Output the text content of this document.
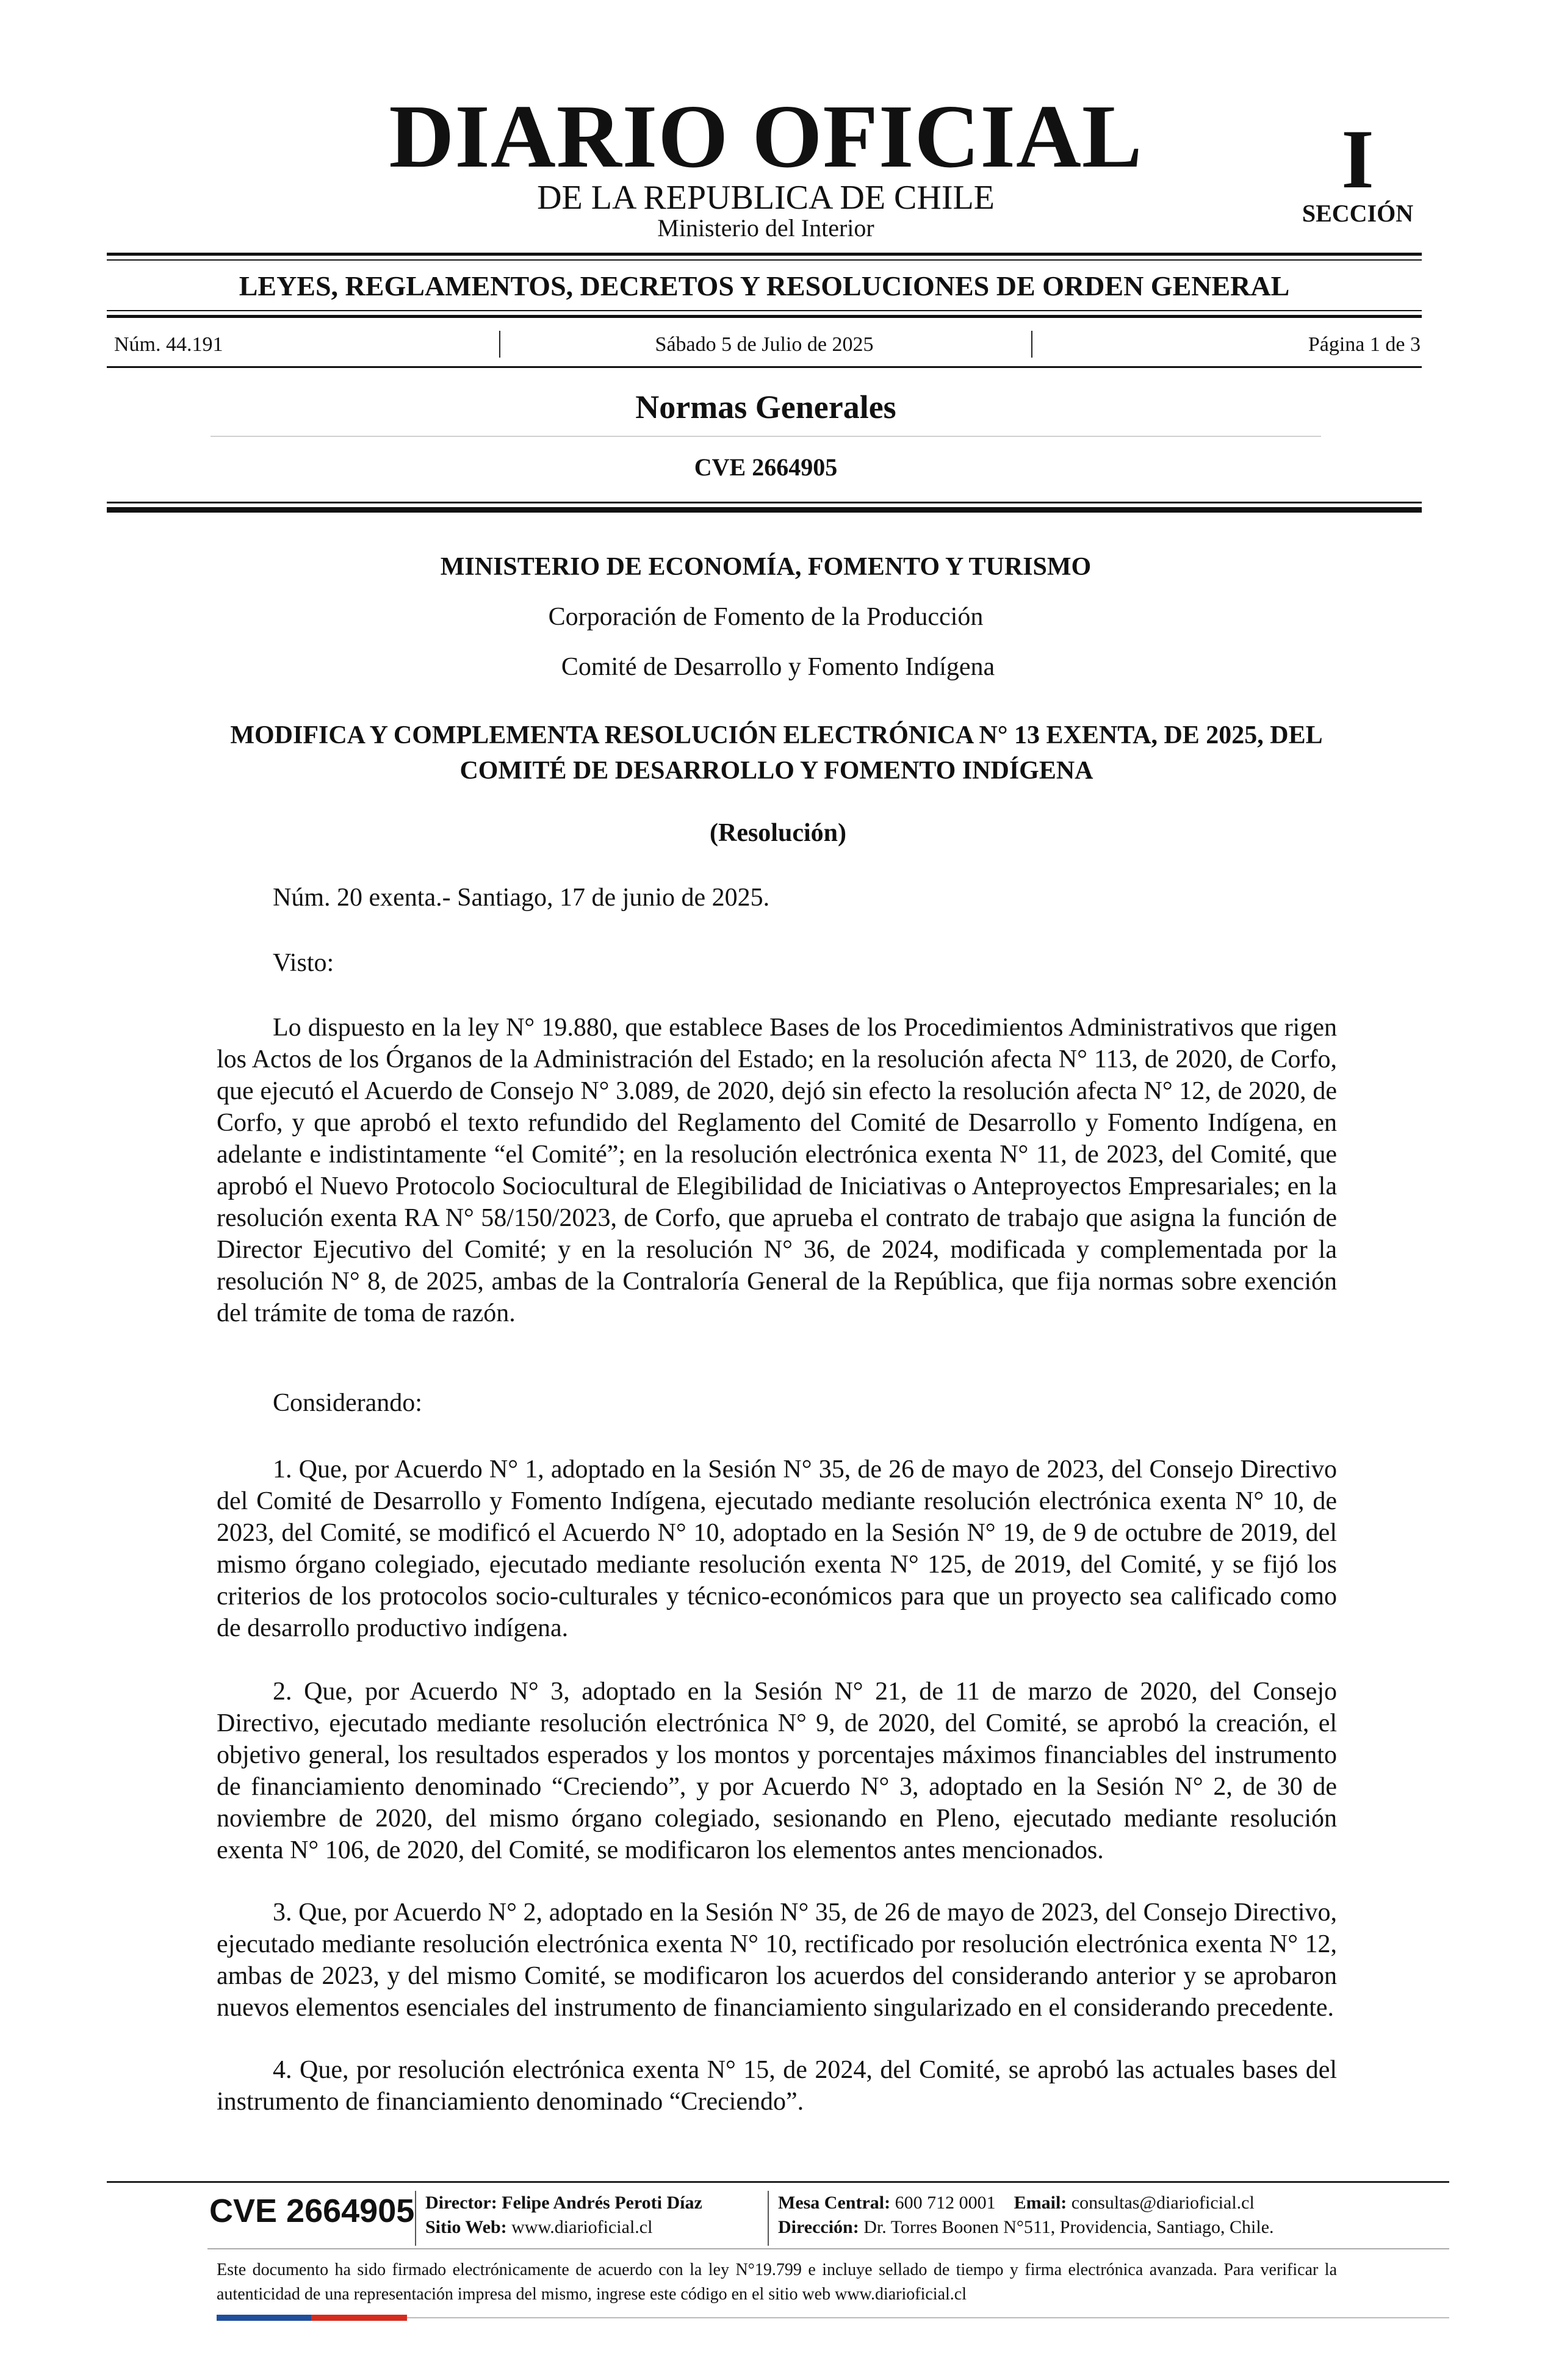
DIARIO OFICIAL
DE LA REPUBLICA DE CHILE
Ministerio del Interior
I
SECCIÓN
LEYES, REGLAMENTOS, DECRETOS Y RESOLUCIONES DE ORDEN GENERAL
Núm. 44.191	Sábado 5 de Julio de 2025	Página 1 de 3
Normas Generales
CVE 2664905
MINISTERIO DE ECONOMÍA, FOMENTO Y TURISMO
Corporación de Fomento de la Producción
Comité de Desarrollo y Fomento Indígena
MODIFICA Y COMPLEMENTA RESOLUCIÓN ELECTRÓNICA N° 13 EXENTA, DE 2025, DEL COMITÉ DE DESARROLLO Y FOMENTO INDÍGENA
(Resolución)
Núm. 20 exenta.- Santiago, 17 de junio de 2025.
Visto:
Lo dispuesto en la ley N° 19.880, que establece Bases de los Procedimientos Administrativos que rigen los Actos de los Órganos de la Administración del Estado; en la resolución afecta N° 113, de 2020, de Corfo, que ejecutó el Acuerdo de Consejo N° 3.089, de 2020, dejó sin efecto la resolución afecta N° 12, de 2020, de Corfo, y que aprobó el texto refundido del Reglamento del Comité de Desarrollo y Fomento Indígena, en adelante e indistintamente “el Comité”; en la resolución electrónica exenta N° 11, de 2023, del Comité, que aprobó el Nuevo Protocolo Sociocultural de Elegibilidad de Iniciativas o Anteproyectos Empresariales; en la resolución exenta RA N° 58/150/2023, de Corfo, que aprueba el contrato de trabajo que asigna la función de Director Ejecutivo del Comité; y en la resolución N° 36, de 2024, modificada y complementada por la resolución N° 8, de 2025, ambas de la Contraloría General de la República, que fija normas sobre exención del trámite de toma de razón.
Considerando:
1. Que, por Acuerdo N° 1, adoptado en la Sesión N° 35, de 26 de mayo de 2023, del Consejo Directivo del Comité de Desarrollo y Fomento Indígena, ejecutado mediante resolución electrónica exenta N° 10, de 2023, del Comité, se modificó el Acuerdo N° 10, adoptado en la Sesión N° 19, de 9 de octubre de 2019, del mismo órgano colegiado, ejecutado mediante resolución exenta N° 125, de 2019, del Comité, y se fijó los criterios de los protocolos socio-culturales y técnico-económicos para que un proyecto sea calificado como de desarrollo productivo indígena.
2. Que, por Acuerdo N° 3, adoptado en la Sesión N° 21, de 11 de marzo de 2020, del Consejo Directivo, ejecutado mediante resolución electrónica N° 9, de 2020, del Comité, se aprobó la creación, el objetivo general, los resultados esperados y los montos y porcentajes máximos financiables del instrumento de financiamiento denominado “Creciendo”, y por Acuerdo N° 3, adoptado en la Sesión N° 2, de 30 de noviembre de 2020, del mismo órgano colegiado, sesionando en Pleno, ejecutado mediante resolución exenta N° 106, de 2020, del Comité, se modificaron los elementos antes mencionados.
3. Que, por Acuerdo N° 2, adoptado en la Sesión N° 35, de 26 de mayo de 2023, del Consejo Directivo, ejecutado mediante resolución electrónica exenta N° 10, rectificado por resolución electrónica exenta N° 12, ambas de 2023, y del mismo Comité, se modificaron los acuerdos del considerando anterior y se aprobaron nuevos elementos esenciales del instrumento de financiamiento singularizado en el considerando precedente.
4. Que, por resolución electrónica exenta N° 15, de 2024, del Comité, se aprobó las actuales bases del instrumento de financiamiento denominado “Creciendo”.
CVE 2664905 Director: Felipe Andrés Peroti Díaz
Sitio Web: www.diarioficial.cl
Mesa Central: 600 712 0001 Email: consultas@diarioficial.cl
Dirección: Dr. Torres Boonen N°511, Providencia, Santiago, Chile.
Este documento ha sido firmado electrónicamente de acuerdo con la ley N°19.799 e incluye sellado de tiempo y firma electrónica avanzada. Para verificar la autenticidad de una representación impresa del mismo, ingrese este código en el sitio web www.diarioficial.cl
